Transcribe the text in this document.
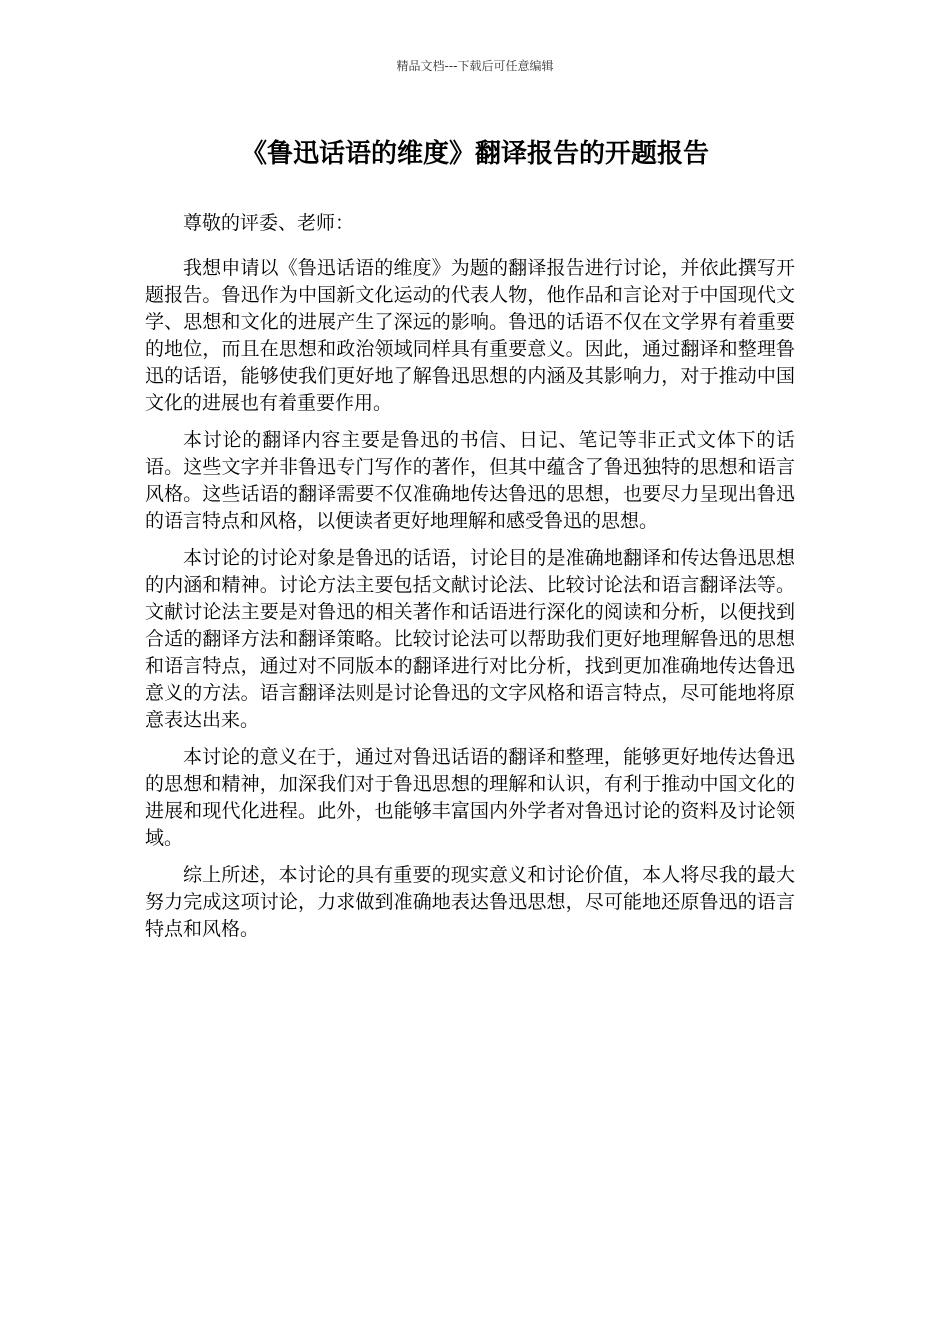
精品文档---下载后可任意编辑
《鲁迅话语的维度》翻译报告的开题报告

尊敬的评委、老师：

我想申请以《鲁迅话语的维度》为题的翻译报告进行讨论，并依此撰写开题报告。鲁迅作为中国新文化运动的代表人物，他作品和言论对于中国现代文学、思想和文化的进展产生了深远的影响。鲁迅的话语不仅在文学界有着重要的地位，而且在思想和政治领域同样具有重要意义。因此，通过翻译和整理鲁迅的话语，能够使我们更好地了解鲁迅思想的内涵及其影响力，对于推动中国文化的进展也有着重要作用。

本讨论的翻译内容主要是鲁迅的书信、日记、笔记等非正式文体下的话语。这些文字并非鲁迅专门写作的著作，但其中蕴含了鲁迅独特的思想和语言风格。这些话语的翻译需要不仅准确地传达鲁迅的思想，也要尽力呈现出鲁迅的语言特点和风格，以便读者更好地理解和感受鲁迅的思想。

本讨论的讨论对象是鲁迅的话语，讨论目的是准确地翻译和传达鲁迅思想的内涵和精神。讨论方法主要包括文献讨论法、比较讨论法和语言翻译法等。文献讨论法主要是对鲁迅的相关著作和话语进行深化的阅读和分析，以便找到合适的翻译方法和翻译策略。比较讨论法可以帮助我们更好地理解鲁迅的思想和语言特点，通过对不同版本的翻译进行对比分析，找到更加准确地传达鲁迅意义的方法。语言翻译法则是讨论鲁迅的文字风格和语言特点，尽可能地将原意表达出来。

本讨论的意义在于，通过对鲁迅话语的翻译和整理，能够更好地传达鲁迅的思想和精神，加深我们对于鲁迅思想的理解和认识，有利于推动中国文化的进展和现代化进程。此外，也能够丰富国内外学者对鲁迅讨论的资料及讨论领域。

综上所述，本讨论的具有重要的现实意义和讨论价值，本人将尽我的最大努力完成这项讨论，力求做到准确地表达鲁迅思想，尽可能地还原鲁迅的语言特点和风格。
